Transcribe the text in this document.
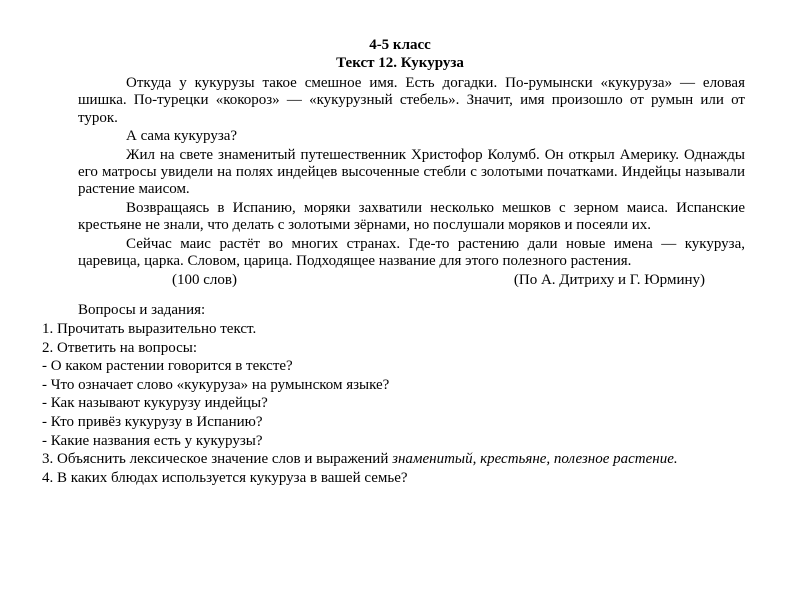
4-5 класс

Текст 12. Кукуруза

Откуда у кукурузы такое смешное имя. Есть догадки. По-румынски «кукуруза» — еловая шишка. По-турецки «кокороз» — «кукурузный стебель». Значит, имя произошло от румын или от турок.

А сама кукуруза?

Жил на свете знаменитый путешественник Христофор Колумб. Он открыл Америку. Однажды его матросы увидели на полях индейцев высоченные стебли с золотыми початками. Индейцы называли растение маисом.

Возвращаясь в Испанию, моряки захватили несколько мешков с зерном маиса. Испанские крестьяне не знали, что делать с золотыми зёрнами, но послушали моряков и посеяли их.

Сейчас маис растёт во многих странах. Где-то растению дали новые имена — кукуруза, царевица, царка. Словом, царица. Подходящее название для этого полезного растения.

(100 слов)	(По А. Дитриху и Г. Юрмину)

Вопросы и задания:

1. Прочитать выразительно текст.

2. Ответить на вопросы:

- О каком растении говорится в тексте?

- Что означает слово «кукуруза» на румынском языке?

- Как называют кукурузу индейцы?

- Кто привёз кукурузу в Испанию?

- Какие названия есть у кукурузы?

3. Объяснить лексическое значение слов и выражений знаменитый, крестьяне, полезное растение.

4. В каких блюдах используется кукуруза в вашей семье?
